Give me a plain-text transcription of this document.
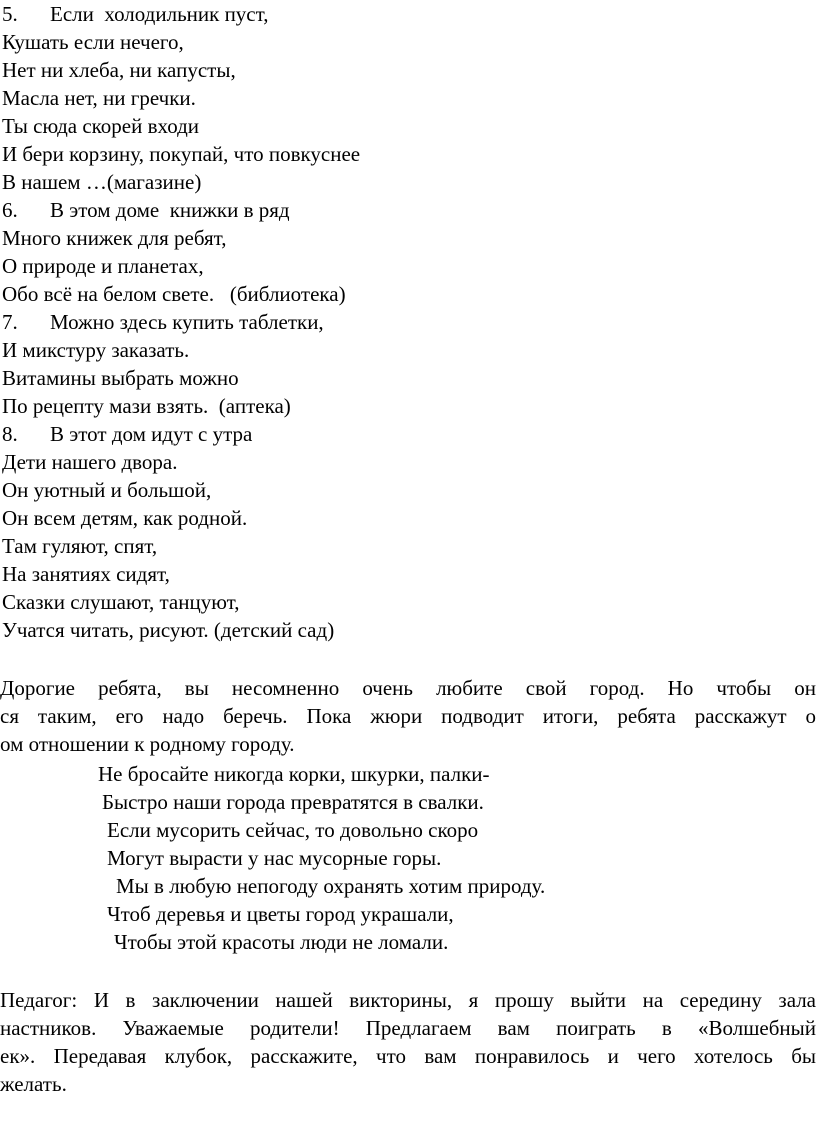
5. Если  холодильник пуст,
Кушать если нечего,
Нет ни хлеба, ни капусты,
Масла нет, ни гречки.
Ты сюда скорей входи
И бери корзину, покупай, что повкуснее
В нашем …(магазине)
6. В этом доме  книжки в ряд
Много книжек для ребят,
О природе и планетах,
Обо всё на белом свете.   (библиотека)
7. Можно здесь купить таблетки,
И микстуру заказать.
Витамины выбрать можно
По рецепту мази взять.  (аптека)
8. В этот дом идут с утра
Дети нашего двора.
Он уютный и большой,
Он всем детям, как родной.
Там гуляют, спят,
На занятиях сидят,
Сказки слушают, танцуют,
Учатся читать, рисуют. (детский сад)
Дорогие ребята, вы несомненно очень любите свой город. Но чтобы он
ся таким, его надо беречь. Пока жюри подводит итоги, ребята расскажут о
ом отношении к родному городу.
Не бросайте никогда корки, шкурки, палки-
Быстро наши города превратятся в свалки.
Если мусорить сейчас, то довольно скоро
Могут вырасти у нас мусорные горы.
Мы в любую непогоду охранять хотим природу.
Чтоб деревья и цветы город украшали,
Чтобы этой красоты люди не ломали.
Педагог: И в заключении нашей викторины, я прошу выйти на середину зала
настников. Уважаемые родители! Предлагаем вам поиграть в «Волшебный
ек». Передавая клубок, расскажите, что вам понравилось и чего хотелось бы
желать.
